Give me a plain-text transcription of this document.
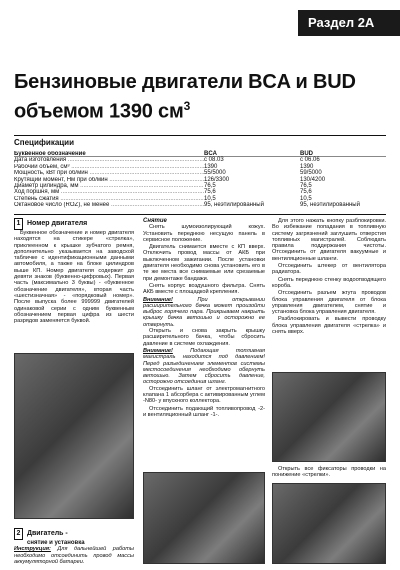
Раздел 2А
Бензиновые двигатели BCA и BUD
объемом 1390 $см^3$
Спецификации
Буквенное обозначение	BCA	BUD
Дата изготовления .....	с 08.03	с 06.06
Рабочий объем, см³ .....	1390	1390
Мощность, кВт при об/мин .....	55/5000	59/5000
Крутящий момент, Нм при об/мин .....	126/3300	130/4200
Диаметр цилиндра, мм .....	76,5	76,5
Ход поршня, мм .....	75,6	75,6
Степень сжатия .....	10,5	10,5
Октановое число (ROZ), не менее .....	95, неэтилированный	95, неэтилированный
1 Номер двигателя
Буквенное обозначение и номер двигателя находятся на стикере «стрелка», приклеенном к крышке зубчатого ремня, дополнительно указывается на заводской табличке с идентификационными данными автомобиля, а также на блоке цилиндров выше КП. Номер двигателя содержит до девяти знаков (буквенно-цифровых). Первая часть (максимально 3 буквы) - «буквенное обозначение двигателя», вторая часть «шестизначная» - «порядковый номер». После выпуска более 999999 двигателей одинаковой серии с одним буквенным обозначением первая цифра из шести разрядов заменяется буквой.
2 Двигатель -
снятие и установка
Инструкция: Для дальнейшей работы необходимо отсоединить провод массы аккумуляторной батареи.
Снятие
Снять шумоизолирующий кожух. Установить переднюю несущую панель в сервисное положение.
Двигатель снимается вместе с КП вверх. Отключить провод массы от АКБ при выключенном зажигании. После установки двигателя необходимо снова установить его в те же места все снимаемые или срезаемые при демонтаже бандажи.
Снять корпус воздушного фильтра. Снять АКБ вместе с площадкой крепления.
Внимание! При открывании расширительного бачка может произойти выброс горячего пара. Прикрываем накрыть крышку бачка ветошью и осторожно ее отвернуть.
Открыть и снова закрыть крышку расширительного бачка, чтобы сбросить давление в системе охлаждения.
Внимание! Подающая топливная магистраль находится под давлением! Перед разъединением элементов системы местосоединения необходимо обернуть ветошью. Затем сбросить давление, осторожно отсоединив шланг.
Отсоединить шланг от электромагнитного клапана 1 абсорбера с активированным углем -N80- у впускного коллектора.
Отсоединить подающий топливопровод -2- и вентиляционный шланг -1-.
Для этого нажать кнопку разблокировки. Во избежание попадания в топливную систему загрязнений заглушить отверстия топливных магистралей. Соблюдать правила поддержания чистоты. Отсоединить от двигателя вакуумные и вентиляционные шланги.
Отсоединить штекер от вентилятора радиатора.
Снять переднюю стенку водоотводящего короба.
Отсоединить разъем жгута проводов блока управления двигателя от блока управления двигателем, снятие и установка блока управления двигателя.
Разблокировать и вывести проводку блока управления двигателя «стрелка» и снять вверх.
Открыть все фиксаторы проводки на понижение «стрелки».
